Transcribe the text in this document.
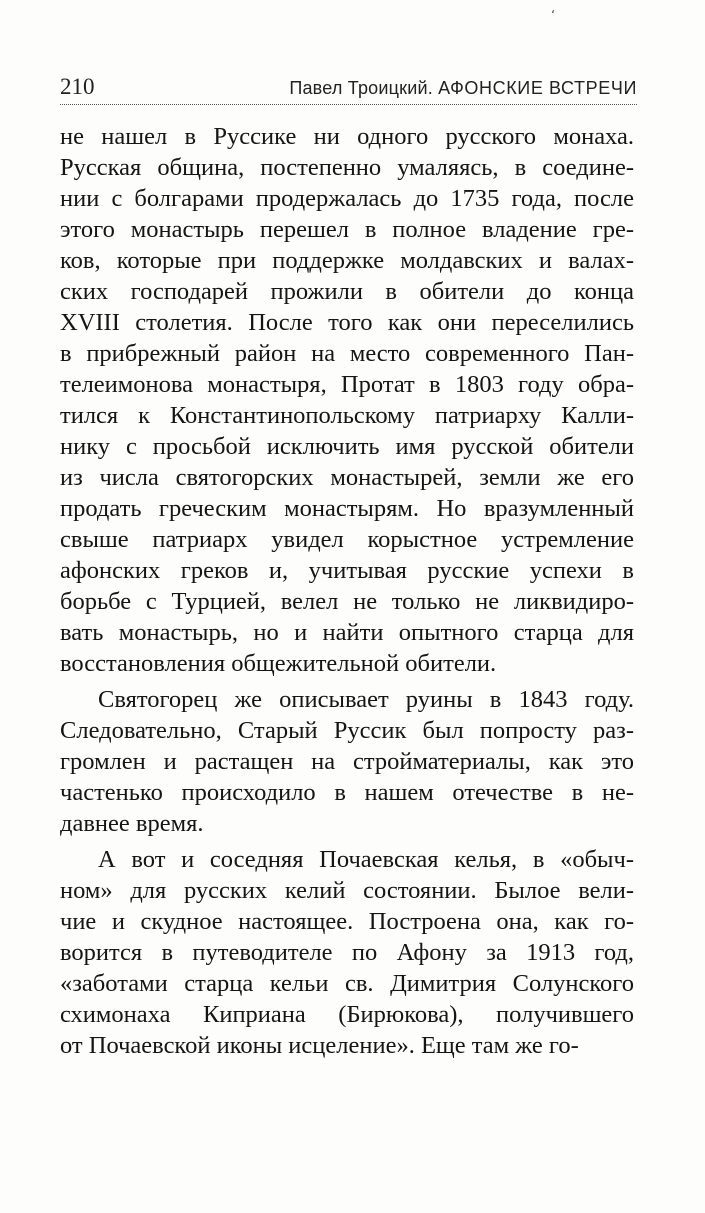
ʻ
210	Павел Троицкий. АФОНСКИЕ ВСТРЕЧИ
не нашел в Руссике ни одного русского монаха.
Русская община, постепенно умаляясь, в соедине-
нии с болгарами продержалась до 1735 года, после
этого монастырь перешел в полное владение гре-
ков, которые при поддержке молдавских и валах-
ских господарей прожили в обители до конца
XVIII столетия. После того как они переселились
в прибрежный район на место современного Пан-
телеимонова монастыря, Протат в 1803 году обра-
тился к Константинопольскому патриарху Калли-
нику с просьбой исключить имя русской обители
из числа святогорских монастырей, земли же его
продать греческим монастырям. Но вразумленный
свыше патриарх увидел корыстное устремление
афонских греков и, учитывая русские успехи в
борьбе с Турцией, велел не только не ликвидиро-
вать монастырь, но и найти опытного старца для
восстановления общежительной обители.
Святогорец же описывает руины в 1843 году.
Следовательно, Старый Руссик был попросту раз-
громлен и растащен на стройматериалы, как это
частенько происходило в нашем отечестве в не-
давнее время.
А вот и соседняя Почаевская келья, в «обыч-
ном» для русских келий состоянии. Былое вели-
чие и скудное настоящее. Построена она, как го-
ворится в путеводителе по Афону за 1913 год,
«заботами старца кельи св. Димитрия Солунского
схимонаха Киприана (Бирюкова), получившего
от Почаевской иконы исцеление». Еще там же го-
